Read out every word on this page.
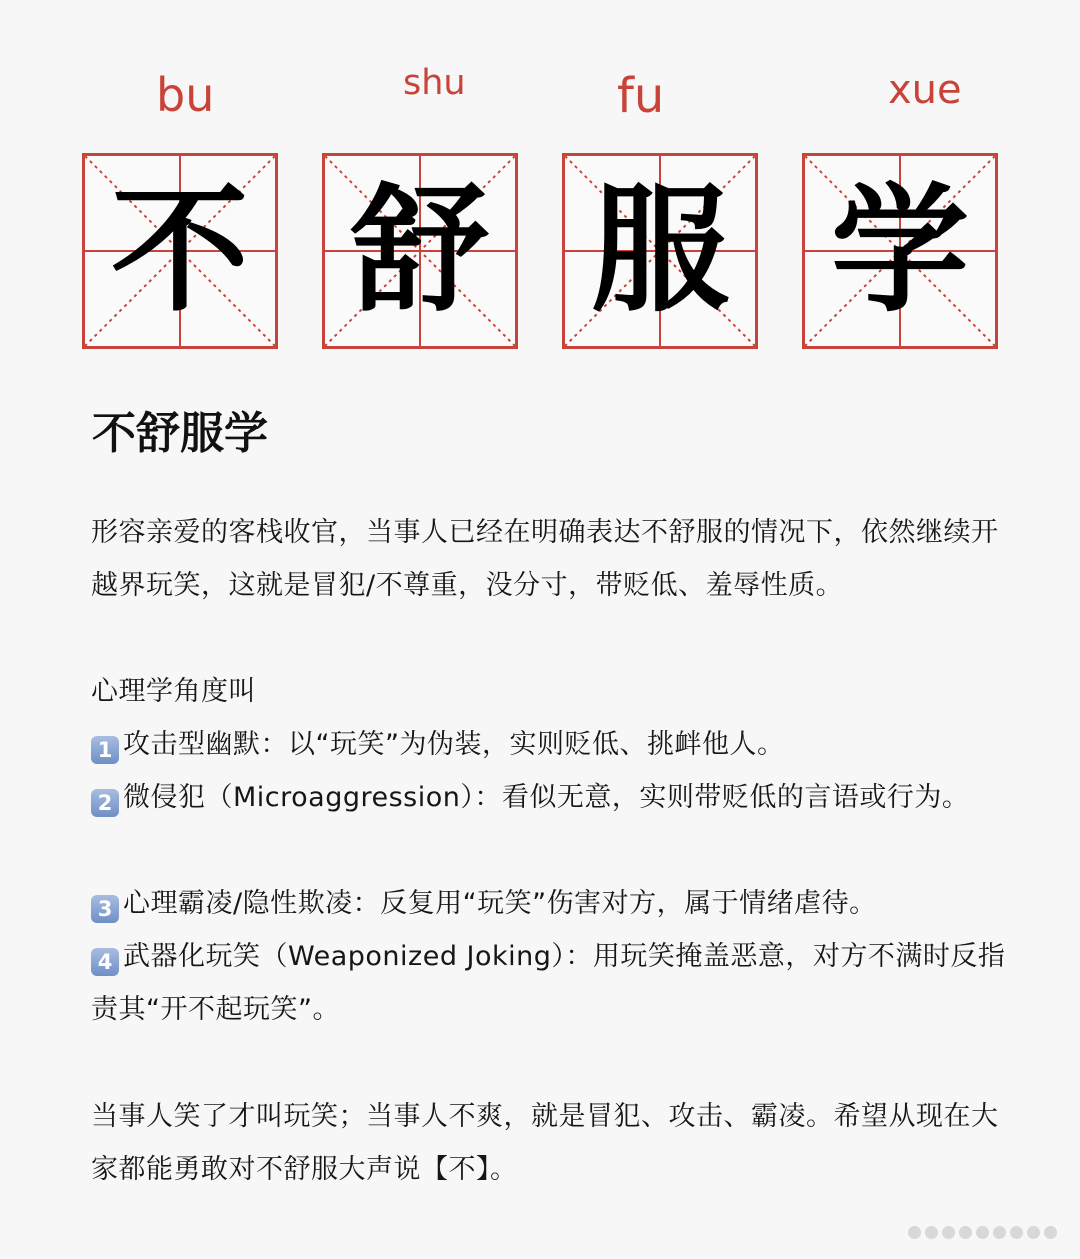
bu	shu	fu	xue
不 舒 服 学
不舒服学

形容亲爱的客栈收官，当事人已经在明确表达不舒服的情况下，依然继续开越界玩笑，这就是冒犯/不尊重，没分寸，带贬低、羞辱性质。

心理学角度叫
1 攻击型幽默：以“玩笑”为伪装，实则贬低、挑衅他人。
2 微侵犯（Microaggression）：看似无意，实则带贬低的言语或行为。
3 心理霸凌/隐性欺凌：反复用“玩笑”伤害对方，属于情绪虐待。
4 武器化玩笑（Weaponized Joking）：用玩笑掩盖恶意，对方不满时反指责其“开不起玩笑”。

当事人笑了才叫玩笑；当事人不爽，就是冒犯、攻击、霸凌。希望从现在大家都能勇敢对不舒服大声说【不】。
